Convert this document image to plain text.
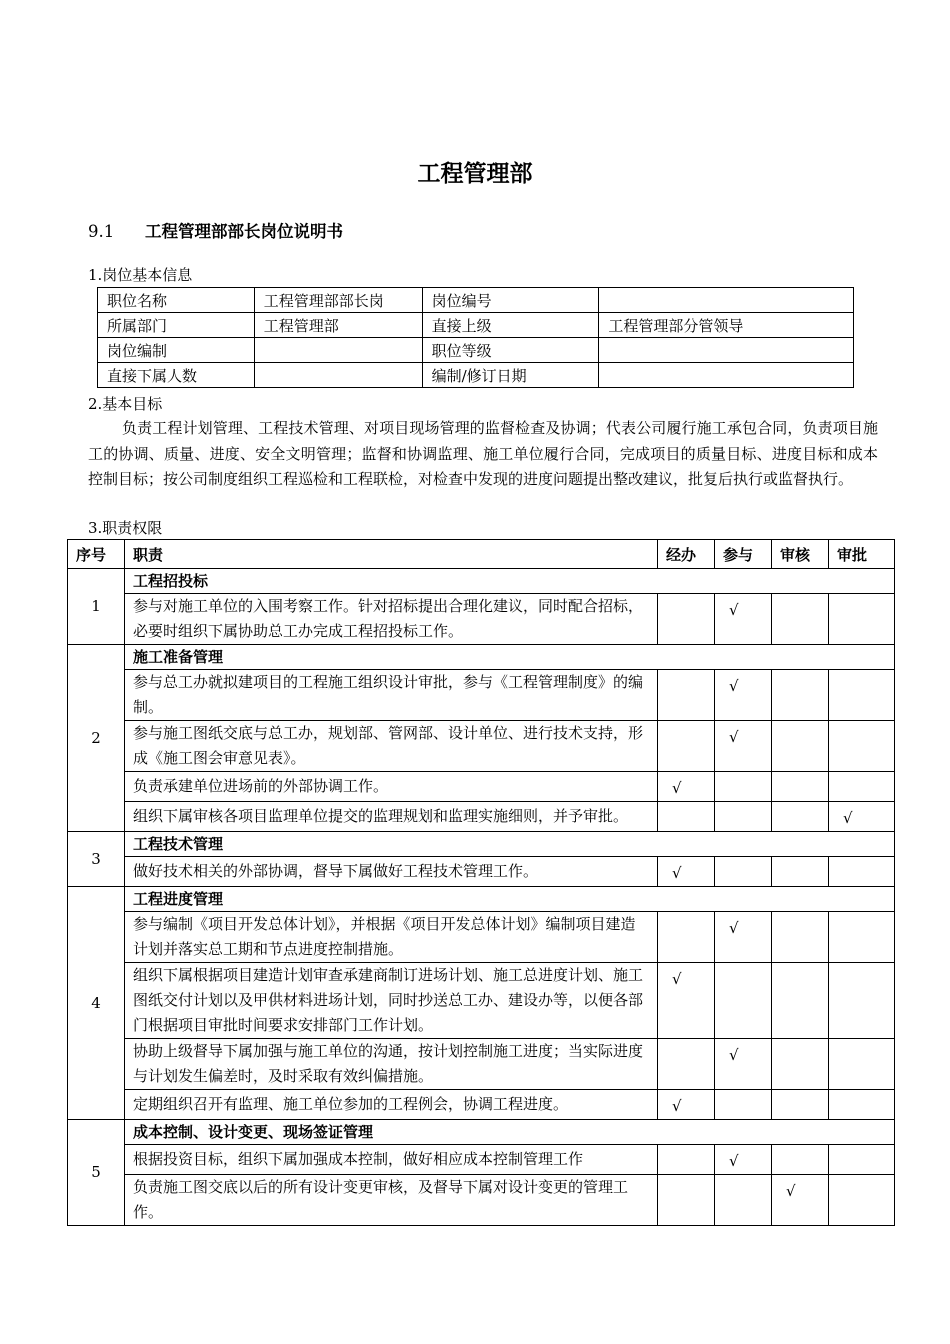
工程管理部
9.1 工程管理部部长岗位说明书
1.岗位基本信息
职位名称	工程管理部部长岗	岗位编号	
所属部门	工程管理部	直接上级	工程管理部分管领导
岗位编制		职位等级	
直接下属人数		编制/修订日期	
2.基本目标
负责工程计划管理、工程技术管理、对项目现场管理的监督检查及协调；代表公司履行施工承包合同，负责项目施工的协调、质量、进度、安全文明管理；监督和协调监理、施工单位履行合同，完成项目的质量目标、进度目标和成本控制目标；按公司制度组织工程巡检和工程联检，对检查中发现的进度问题提出整改建议，批复后执行或监督执行。
3.职责权限
序号	职责	经办	参与	审核	审批
1	工程招投标				
	参与对施工单位的入围考察工作。针对招标提出合理化建议，同时配合招标，必要时组织下属协助总工办完成工程招投标工作。		√		
2	施工准备管理				
	参与总工办就拟建项目的工程施工组织设计审批，参与《工程管理制度》的编制。		√		
	参与施工图纸交底与总工办，规划部、管网部、设计单位、进行技术支持，形成《施工图会审意见表》。		√		
	负责承建单位进场前的外部协调工作。	√			
	组织下属审核各项目监理单位提交的监理规划和监理实施细则，并予审批。				√
3	工程技术管理				
	做好技术相关的外部协调，督导下属做好工程技术管理工作。	√			
4	工程进度管理				
	参与编制《项目开发总体计划》，并根据《项目开发总体计划》编制项目建造计划并落实总工期和节点进度控制措施。		√		
	组织下属根据项目建造计划审查承建商制订进场计划、施工总进度计划、施工图纸交付计划以及甲供材料进场计划，同时抄送总工办、建设办等，以便各部门根据项目审批时间要求安排部门工作计划。	√			
	协助上级督导下属加强与施工单位的沟通，按计划控制施工进度；当实际进度与计划发生偏差时，及时采取有效纠偏措施。		√		
	定期组织召开有监理、施工单位参加的工程例会，协调工程进度。	√			
5	成本控制、设计变更、现场签证管理				
	根据投资目标，组织下属加强成本控制，做好相应成本控制管理工作		√		
	负责施工图交底以后的所有设计变更审核，及督导下属对设计变更的管理工作。			√	
